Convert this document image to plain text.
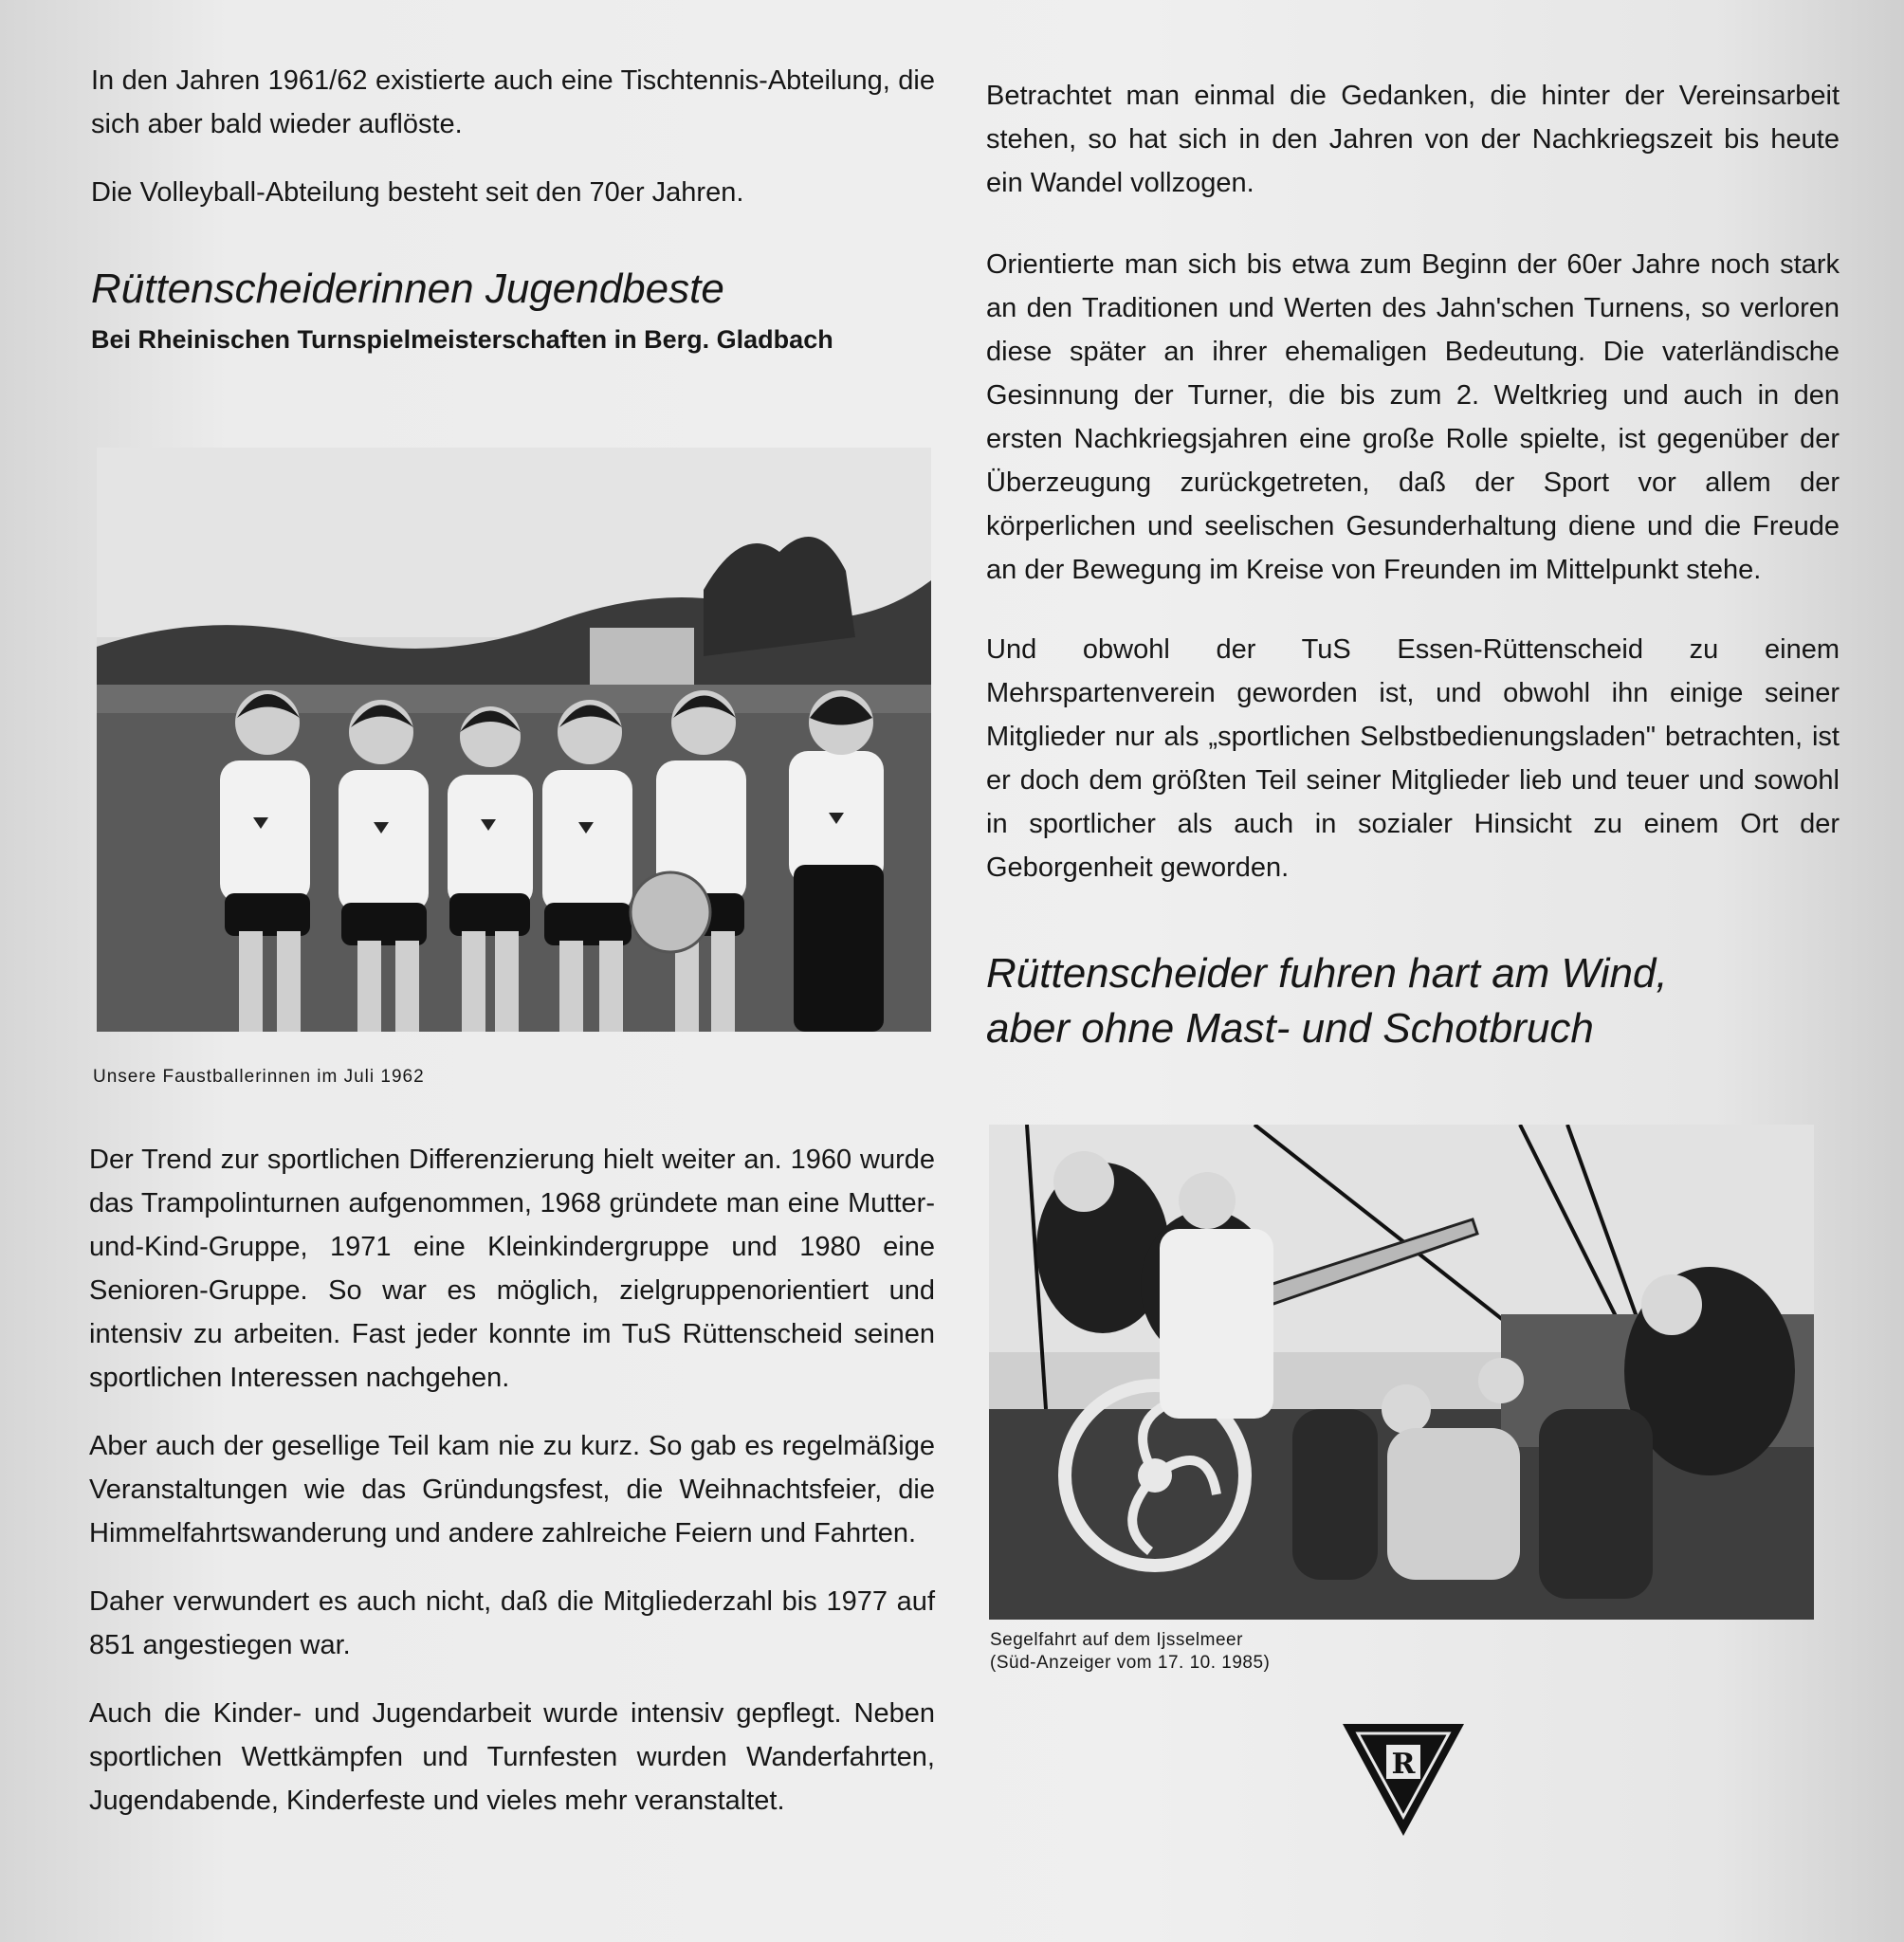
In den Jahren 1961/62 existierte auch eine Tischtennis-Abteilung, die sich aber bald wieder auflöste.

Die Volleyball-Abteilung besteht seit den 70er Jahren.

Rüttenscheiderinnen Jugendbeste
Bei Rheinischen Turnspielmeisterschaften in Berg. Gladbach
Unsere Faustballerinnen im Juli 1962

Der Trend zur sportlichen Differenzierung hielt weiter an. 1960 wurde das Trampolinturnen aufgenommen, 1968 gründete man eine Mutter-und-Kind-Gruppe, 1971 eine Kleinkindergruppe und 1980 eine Senioren-Gruppe. So war es möglich, zielgruppenorientiert und intensiv zu arbeiten. Fast jeder konnte im TuS Rüttenscheid seinen sportlichen Interessen nachgehen.

Aber auch der gesellige Teil kam nie zu kurz. So gab es regelmäßige Veranstaltungen wie das Gründungsfest, die Weihnachtsfeier, die Himmelfahrtswanderung und andere zahlreiche Feiern und Fahrten.

Daher verwundert es auch nicht, daß die Mitgliederzahl bis 1977 auf 851 angestiegen war.

Auch die Kinder- und Jugendarbeit wurde intensiv gepflegt. Neben sportlichen Wettkämpfen und Turnfesten wurden Wanderfahrten, Jugendabende, Kinderfeste und vieles mehr veranstaltet.

Betrachtet man einmal die Gedanken, die hinter der Vereinsarbeit stehen, so hat sich in den Jahren von der Nachkriegszeit bis heute ein Wandel vollzogen.

Orientierte man sich bis etwa zum Beginn der 60er Jahre noch stark an den Traditionen und Werten des Jahn'schen Turnens, so verloren diese später an ihrer ehemaligen Bedeutung. Die vaterländische Gesinnung der Turner, die bis zum 2. Weltkrieg und auch in den ersten Nachkriegsjahren eine große Rolle spielte, ist gegenüber der Überzeugung zurückgetreten, daß der Sport vor allem der körperlichen und seelischen Gesunderhaltung diene und die Freude an der Bewegung im Kreise von Freunden im Mittelpunkt stehe.

Und obwohl der TuS Essen-Rüttenscheid zu einem Mehrspartenverein geworden ist, und obwohl ihn einige seiner Mitglieder nur als „sportlichen Selbstbedienungsladen" betrachten, ist er doch dem größten Teil seiner Mitglieder lieb und teuer und sowohl in sportlicher als auch in sozialer Hinsicht zu einem Ort der Geborgenheit geworden.

Rüttenscheider fuhren hart am Wind,
aber ohne Mast- und Schotbruch
Segelfahrt auf dem Ijsselmeer
(Süd-Anzeiger vom 17. 10. 1985)
R
